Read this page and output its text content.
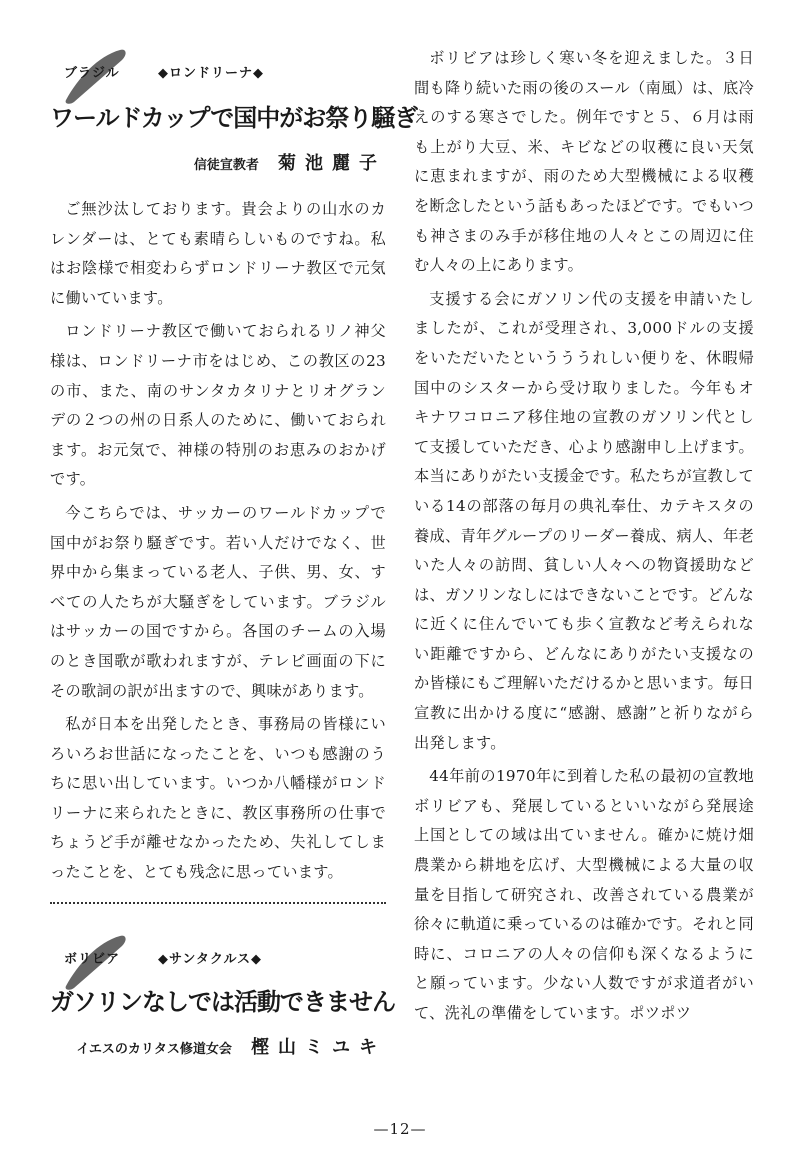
ブラジル	◆ロンドリーナ◆
ワールドカップで国中がお祭り騒ぎ
信徒宣教者 菊池麗子

ご無沙汰しております。貴会よりの山水のカレンダーは、とても素晴らしいものですね。私はお陰様で相変わらずロンドリーナ教区で元気に働いています。

ロンドリーナ教区で働いておられるリノ神父様は、ロンドリーナ市をはじめ、この教区の23の市、また、南のサンタカタリナとリオグランデの２つの州の日系人のために、働いておられます。お元気で、神様の特別のお恵みのおかげです。

今こちらでは、サッカーのワールドカップで国中がお祭り騒ぎです。若い人だけでなく、世界中から集まっている老人、子供、男、女、すべての人たちが大騒ぎをしています。ブラジルはサッカーの国ですから。各国のチームの入場のとき国歌が歌われますが、テレビ画面の下にその歌詞の訳が出ますので、興味があります。

私が日本を出発したとき、事務局の皆様にいろいろお世話になったことを、いつも感謝のうちに思い出しています。いつか八幡様がロンドリーナに来られたときに、教区事務所の仕事でちょうど手が離せなかったため、失礼してしまったことを、とても残念に思っています。

ボリビア	◆サンタクルス◆
ガソリンなしでは活動できません
イエスのカリタス修道女会 樫山ミユキ

ボリビアは珍しく寒い冬を迎えました。３日間も降り続いた雨の後のスール（南風）は、底冷えのする寒さでした。例年ですと５、６月は雨も上がり大豆、米、キビなどの収穫に良い天気に恵まれますが、雨のため大型機械による収穫を断念したという話もあったほどです。でもいつも神さまのみ手が移住地の人々とこの周辺に住む人々の上にあります。

支援する会にガソリン代の支援を申請いたしましたが、これが受理され、3,000ドルの支援をいただいたというううれしい便りを、休暇帰国中のシスターから受け取りました。今年もオキナワコロニア移住地の宣教のガソリン代として支援していただき、心より感謝申し上げます。本当にありがたい支援金です。私たちが宣教している14の部落の毎月の典礼奉仕、カテキスタの養成、青年グループのリーダー養成、病人、年老いた人々の訪問、貧しい人々への物資援助などは、ガソリンなしにはできないことです。どんなに近くに住んでいても歩く宣教など考えられない距離ですから、どんなにありがたい支援なのか皆様にもご理解いただけるかと思います。毎日宣教に出かける度に“感謝、感謝”と祈りながら出発します。

44年前の1970年に到着した私の最初の宣教地ボリビアも、発展しているといいながら発展途上国としての域は出ていません。確かに焼け畑農業から耕地を広げ、大型機械による大量の収量を目指して研究され、改善されている農業が徐々に軌道に乗っているのは確かです。それと同時に、コロニアの人々の信仰も深くなるようにと願っています。少ない人数ですが求道者がいて、洗礼の準備をしています。ポツポツ

—12—
